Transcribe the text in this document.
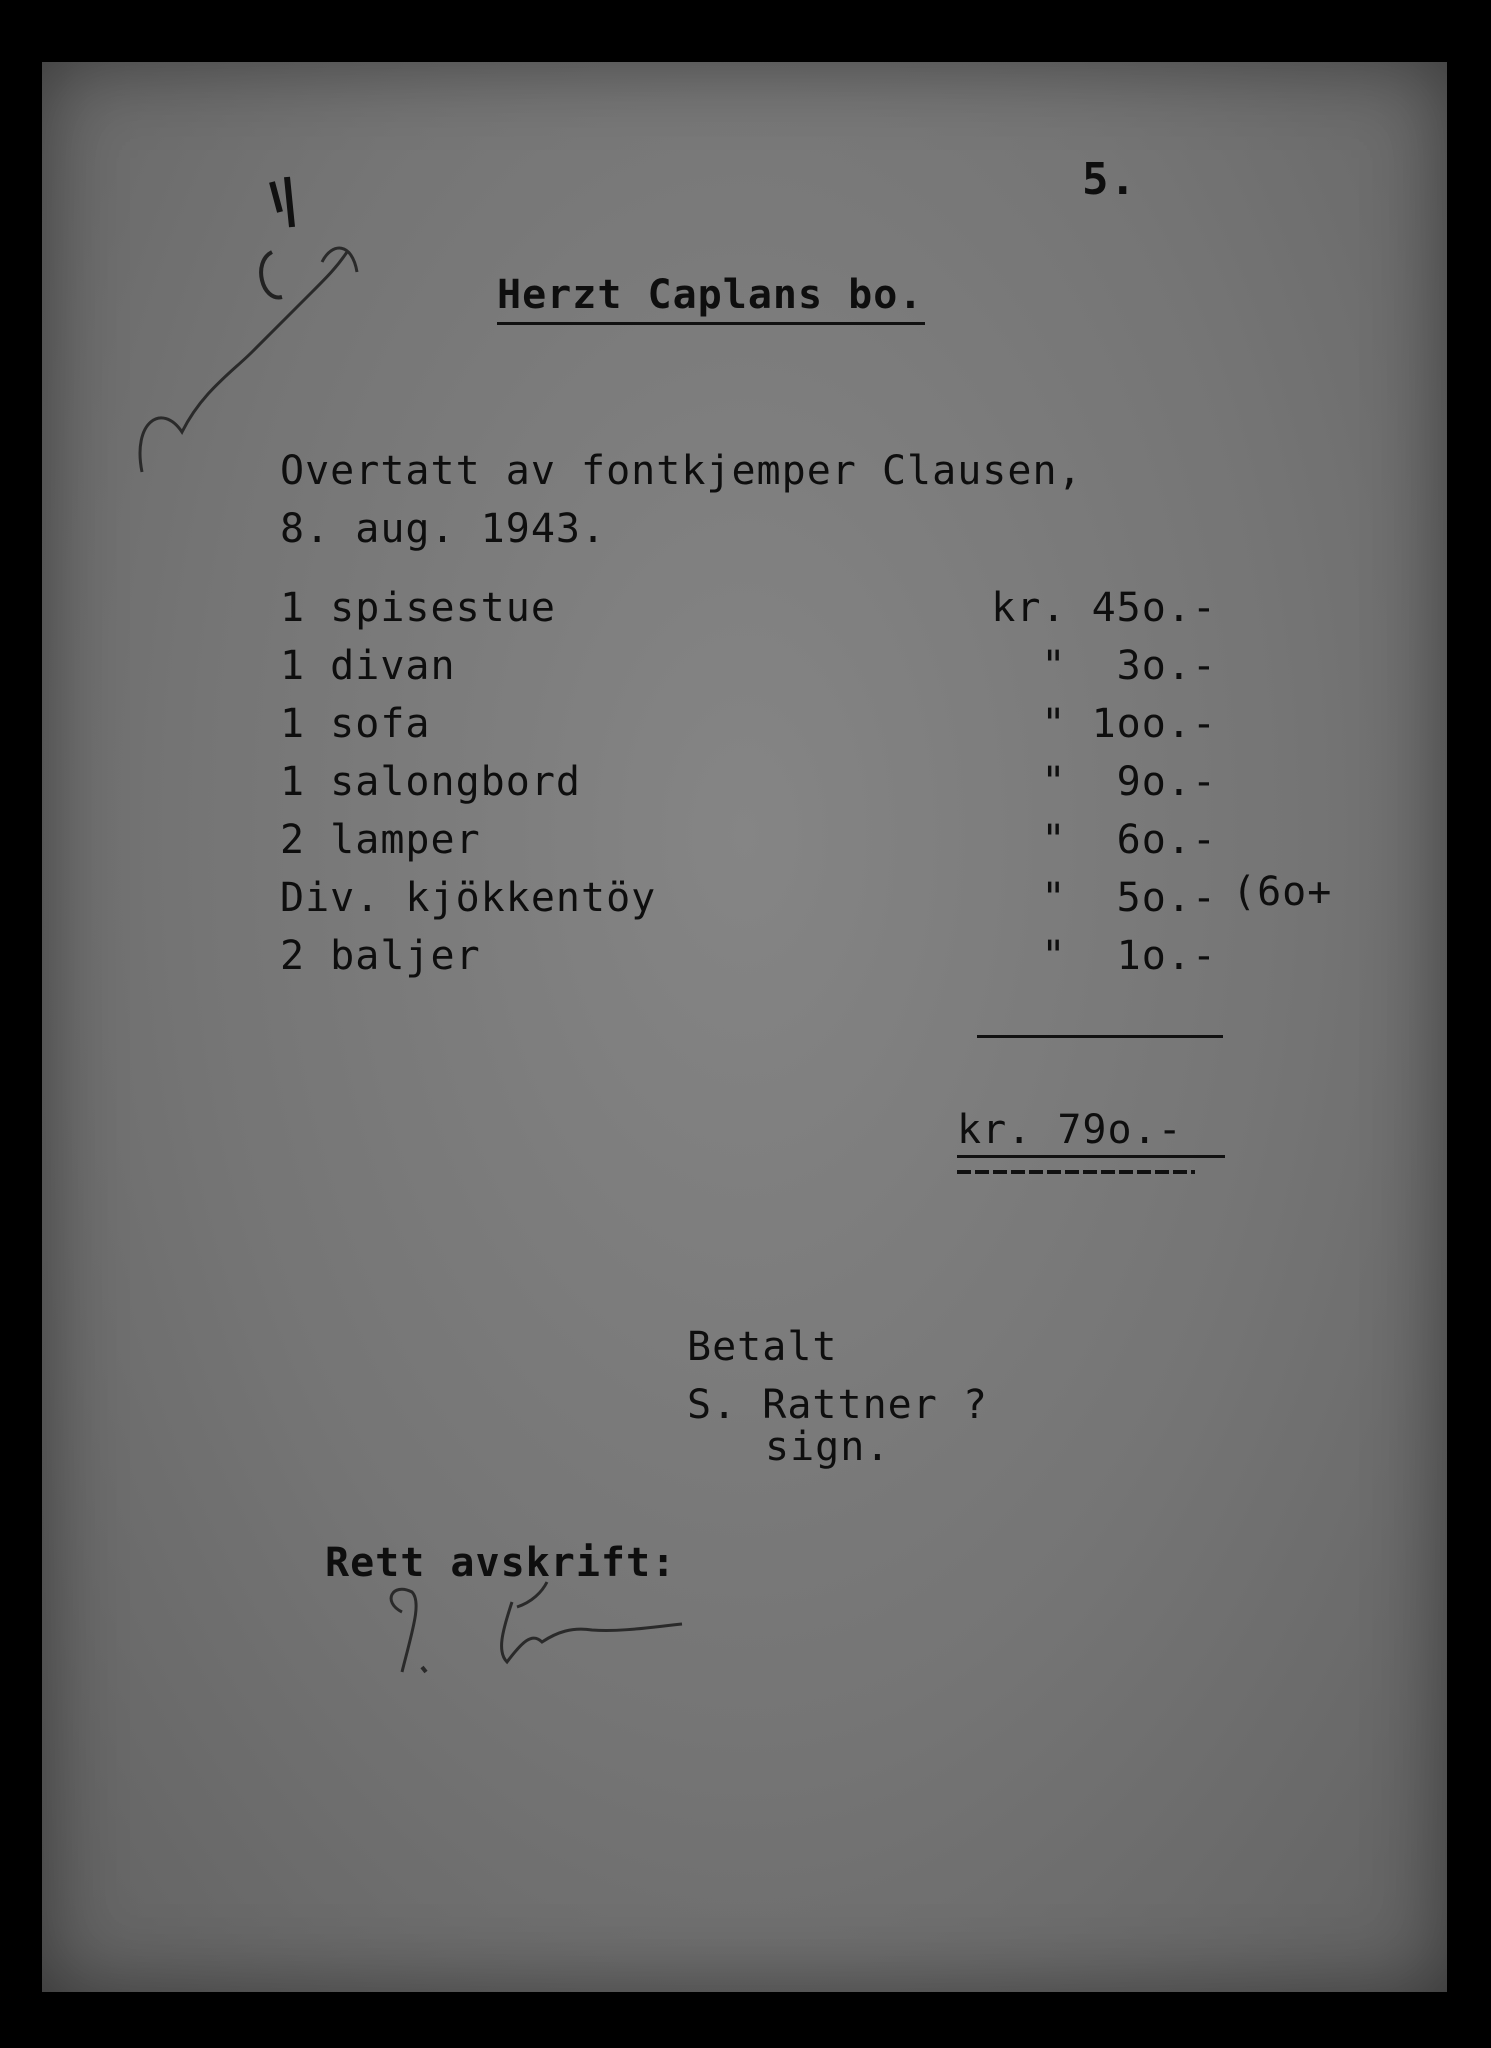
5.
Herzt Caplans bo.
Overtatt av fontkjemper Clausen,
8. aug. 1943.
1 spisestue
1 divan
1 sofa
1 salongbord
2 lamper
Div. kjökkentöy
2 baljer
kr. 45o.-
"  3o.-
" 1oo.-
"  9o.-
"  6o.-
"  5o.-
"  1o.-
(6o+
kr. 79o.-
Betalt
S. Rattner ?
sign.
Rett avskrift:
